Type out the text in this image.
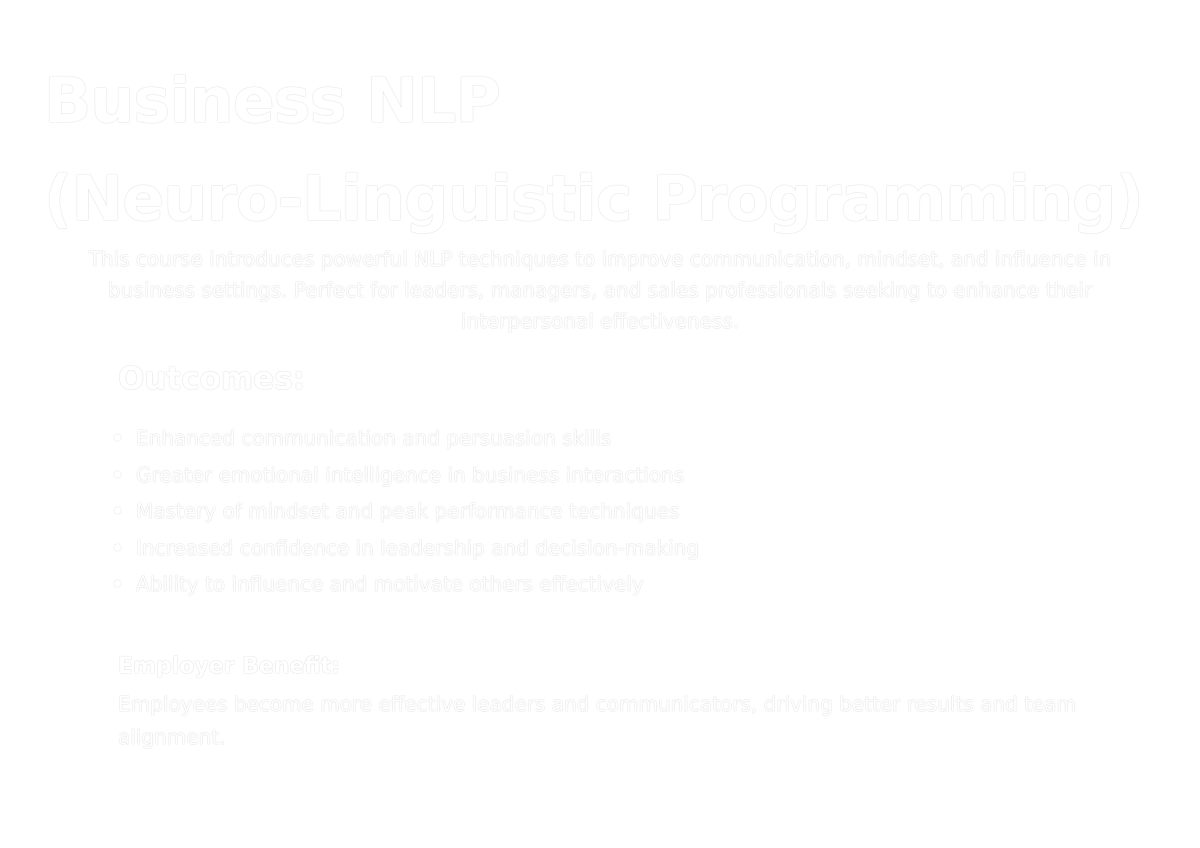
Business NLP
(Neuro-Linguistic Programming)

This course introduces powerful NLP techniques to improve communication, mindset, and influence in business settings. Perfect for leaders, managers, and sales professionals seeking to enhance their interpersonal effectiveness.

Outcomes:
Enhanced communication and persuasion skills
Greater emotional intelligence in business interactions
Mastery of mindset and peak performance techniques
Increased confidence in leadership and decision-making
Ability to influence and motivate others effectively
Employer Benefit:

Employees become more effective leaders and communicators, driving better results and team alignment.
